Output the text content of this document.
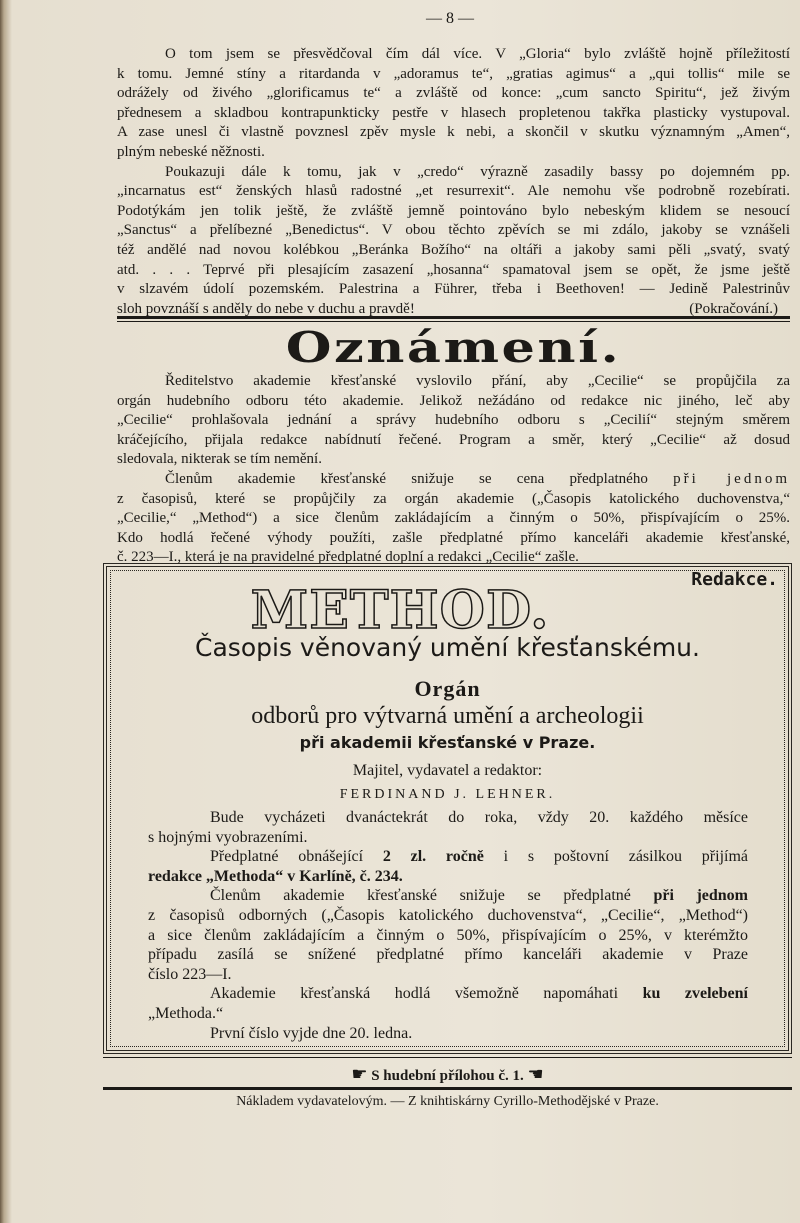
— 8 —
O tom jsem se přesvědčoval čím dál více. V „Gloria“ bylo zvláště hojně příležitostí
k tomu. Jemné stíny a ritardanda v „adoramus te“, „gratias agimus“ a „qui tollis“ mile se
odrážely od živého „glorificamus te“ a zvláště od konce: „cum sancto Spiritu“, jež živým
přednesem a skladbou kontrapunkticky pestře v hlasech propletenou takřka plasticky vystupoval.
A zase unesl či vlastně povznesl zpěv mysle k nebi, a skončil v skutku významným „Amen“,
plným nebeské něžnosti.
Poukazuji dále k tomu, jak v „credo“ výrazně zasadily bassy po dojemném pp.
„incarnatus est“ ženských hlasů radostné „et resurrexit“. Ale nemohu vše podrobně rozebírati.
Podotýkám jen tolik ještě, že zvláště jemně pointováno bylo nebeským klidem se nesoucí
„Sanctus“ a přelíbezné „Benedictus“. V obou těchto zpěvích se mi zdálo, jakoby se vznášeli
též andělé nad novou kolébkou „Beránka Božího“ na oltáři a jakoby sami pěli „svatý, svatý
atd. . . . Teprvé při plesajícím zasazení „hosanna“ spamatoval jsem se opět, že jsme ještě
v slzavém údolí pozemském. Palestrina a Führer, třeba i Beethoven! — Jedině Palestrinův
sloh povznáší s anděly do nebe v duchu a pravdě!	(Pokračování.)
Oznámení.
Ředitelstvo akademie křesťanské vyslovilo přání, aby „Cecilie“ se propůjčila za
orgán hudebního odboru této akademie. Jelikož nežádáno od redakce nic jiného, leč aby
„Cecilie“ prohlašovala jednání a správy hudebního odboru s „Cecilií“ stejným směrem
kráčejícího, přijala redakce nabídnutí řečené. Program a směr, který „Cecilie“ až dosud
sledovala, nikterak se tím nemění.
Členům akademie křesťanské snižuje se cena předplatného při jednom
z časopisů, které se propůjčily za orgán akademie („Časopis katolického duchovenstva,“
„Cecilie,“ „Method“) a sice členům zakládajícím a činným o 50%, přispívajícím o 25%.
Kdo hodlá řečené výhody použíti, zašle předplatné přímo kanceláři akademie křesťanské,
č. 223—I., která je na pravidelné předplatné doplní a redakci „Cecilie“ zašle.
Redakce.
METHOD.
Časopis věnovaný umění křesťanskému.
Orgán
odborů pro výtvarná umění a archeologii
při akademii křesťanské v Praze.
Majitel, vydavatel a redaktor:
FERDINAND J. LEHNER.
Bude vycházeti dvanáctekrát do roka, vždy 20. každého měsíce
s hojnými vyobrazeními.
Předplatné obnášející 2 zl. ročně i s poštovní zásilkou přijímá
redakce „Methoda“ v Karlíně, č. 234.
Členům akademie křesťanské snižuje se předplatné při jednom
z časopisů odborných („Časopis katolického duchovenstva“, „Cecilie“, „Method“)
a sice členům zakládajícím a činným o 50%, přispívajícím o 25%, v kterémžto
případu zasílá se snížené předplatné přímo kanceláři akademie v Praze
číslo 223—I.
Akademie křesťanská hodlá všemožně napomáhati ku zvelebení
„Methoda.“
První číslo vyjde dne 20. ledna.
☛ S hudební přílohou č. 1. ☚
Nákladem vydavatelovým. — Z knihtiskárny Cyrillo-Methodějské v Praze.
